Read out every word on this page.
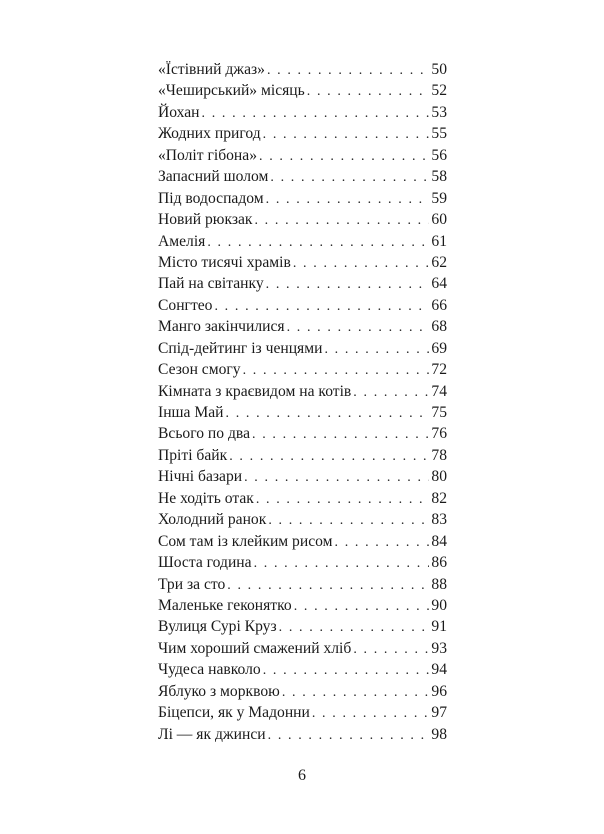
«Їстівний джаз» . . .	50
«Чеширський» місяць . . .	52
Йохан . . .	53
Жодних пригод . . .	55
«Політ гібона» . . .	56
Запасний шолом . . .	58
Під водоспадом . . .	59
Новий рюкзак . . .	60
Амелія . . .	61
Місто тисячі храмів . . .	62
Пай на світанку . . .	64
Сонгтео . . .	66
Манго закінчилися . . .	68
Спід-дейтинг із ченцями . . .	69
Сезон смогу . . .	72
Кімната з краєвидом на котів . . .	74
Інша Май . . .	75
Всього по два . . .	76
Пріті байк . . .	78
Нічні базари . . .	80
Не ходіть отак . . .	82
Холодний ранок . . .	83
Сом там із клейким рисом . . .	84
Шоста година . . .	86
Три за сто . . .	88
Маленьке геконятко . . .	90
Вулиця Сурі Круз . . .	91
Чим хороший смажений хліб . . .	93
Чудеса навколо . . .	94
Яблуко з морквою . . .	96
Біцепси, як у Мадонни . . .	97
Лі — як джинси . . .	98
6
